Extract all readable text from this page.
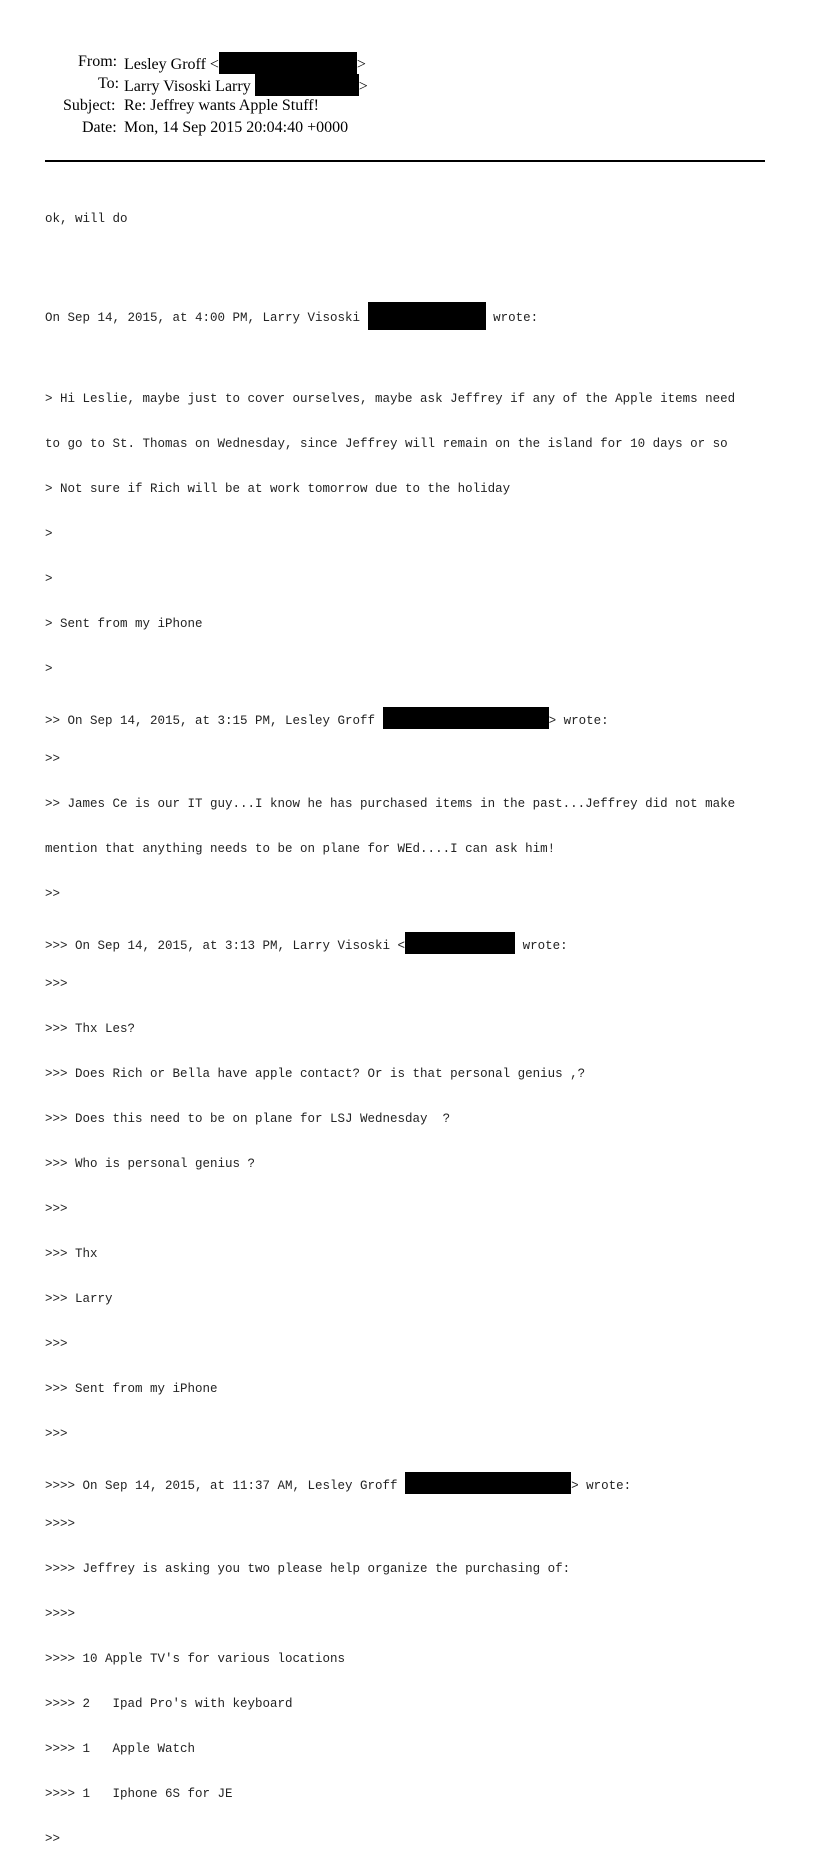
From: Lesley Groff <	>
To: Larry Visoski Larry	>
Subject: Re: Jeffrey wants Apple Stuff!
Date: Mon, 14 Sep 2015 20:04:40 +0000

ok, will do

On Sep 14, 2015, at 4:00 PM, Larry Visoski	wrote:

> Hi Leslie, maybe just to cover ourselves, maybe ask Jeffrey if any of the Apple items need

to go to St. Thomas on Wednesday, since Jeffrey will remain on the island for 10 days or so

> Not sure if Rich will be at work tomorrow due to the holiday

>

>

> Sent from my iPhone

>

>> On Sep 14, 2015, at 3:15 PM, Lesley Groff	> wrote:

>>

>> James Ce is our IT guy...I know he has purchased items in the past...Jeffrey did not make

mention that anything needs to be on plane for WEd....I can ask him!

>>

>>> On Sep 14, 2015, at 3:13 PM, Larry Visoski <	wrote:

>>>

>>> Thx Les?

>>> Does Rich or Bella have apple contact? Or is that personal genius ,?

>>> Does this need to be on plane for LSJ Wednesday  ?

>>> Who is personal genius ?

>>>

>>> Thx

>>> Larry

>>>

>>> Sent from my iPhone

>>>

>>>> On Sep 14, 2015, at 11:37 AM, Lesley Groff	> wrote:

>>>>

>>>> Jeffrey is asking you two please help organize the purchasing of:

>>>>

>>>> 10 Apple TV's for various locations

>>>> 2   Ipad Pro's with keyboard

>>>> 1   Apple Watch

>>>> 1   Iphone 6S for JE

>>
